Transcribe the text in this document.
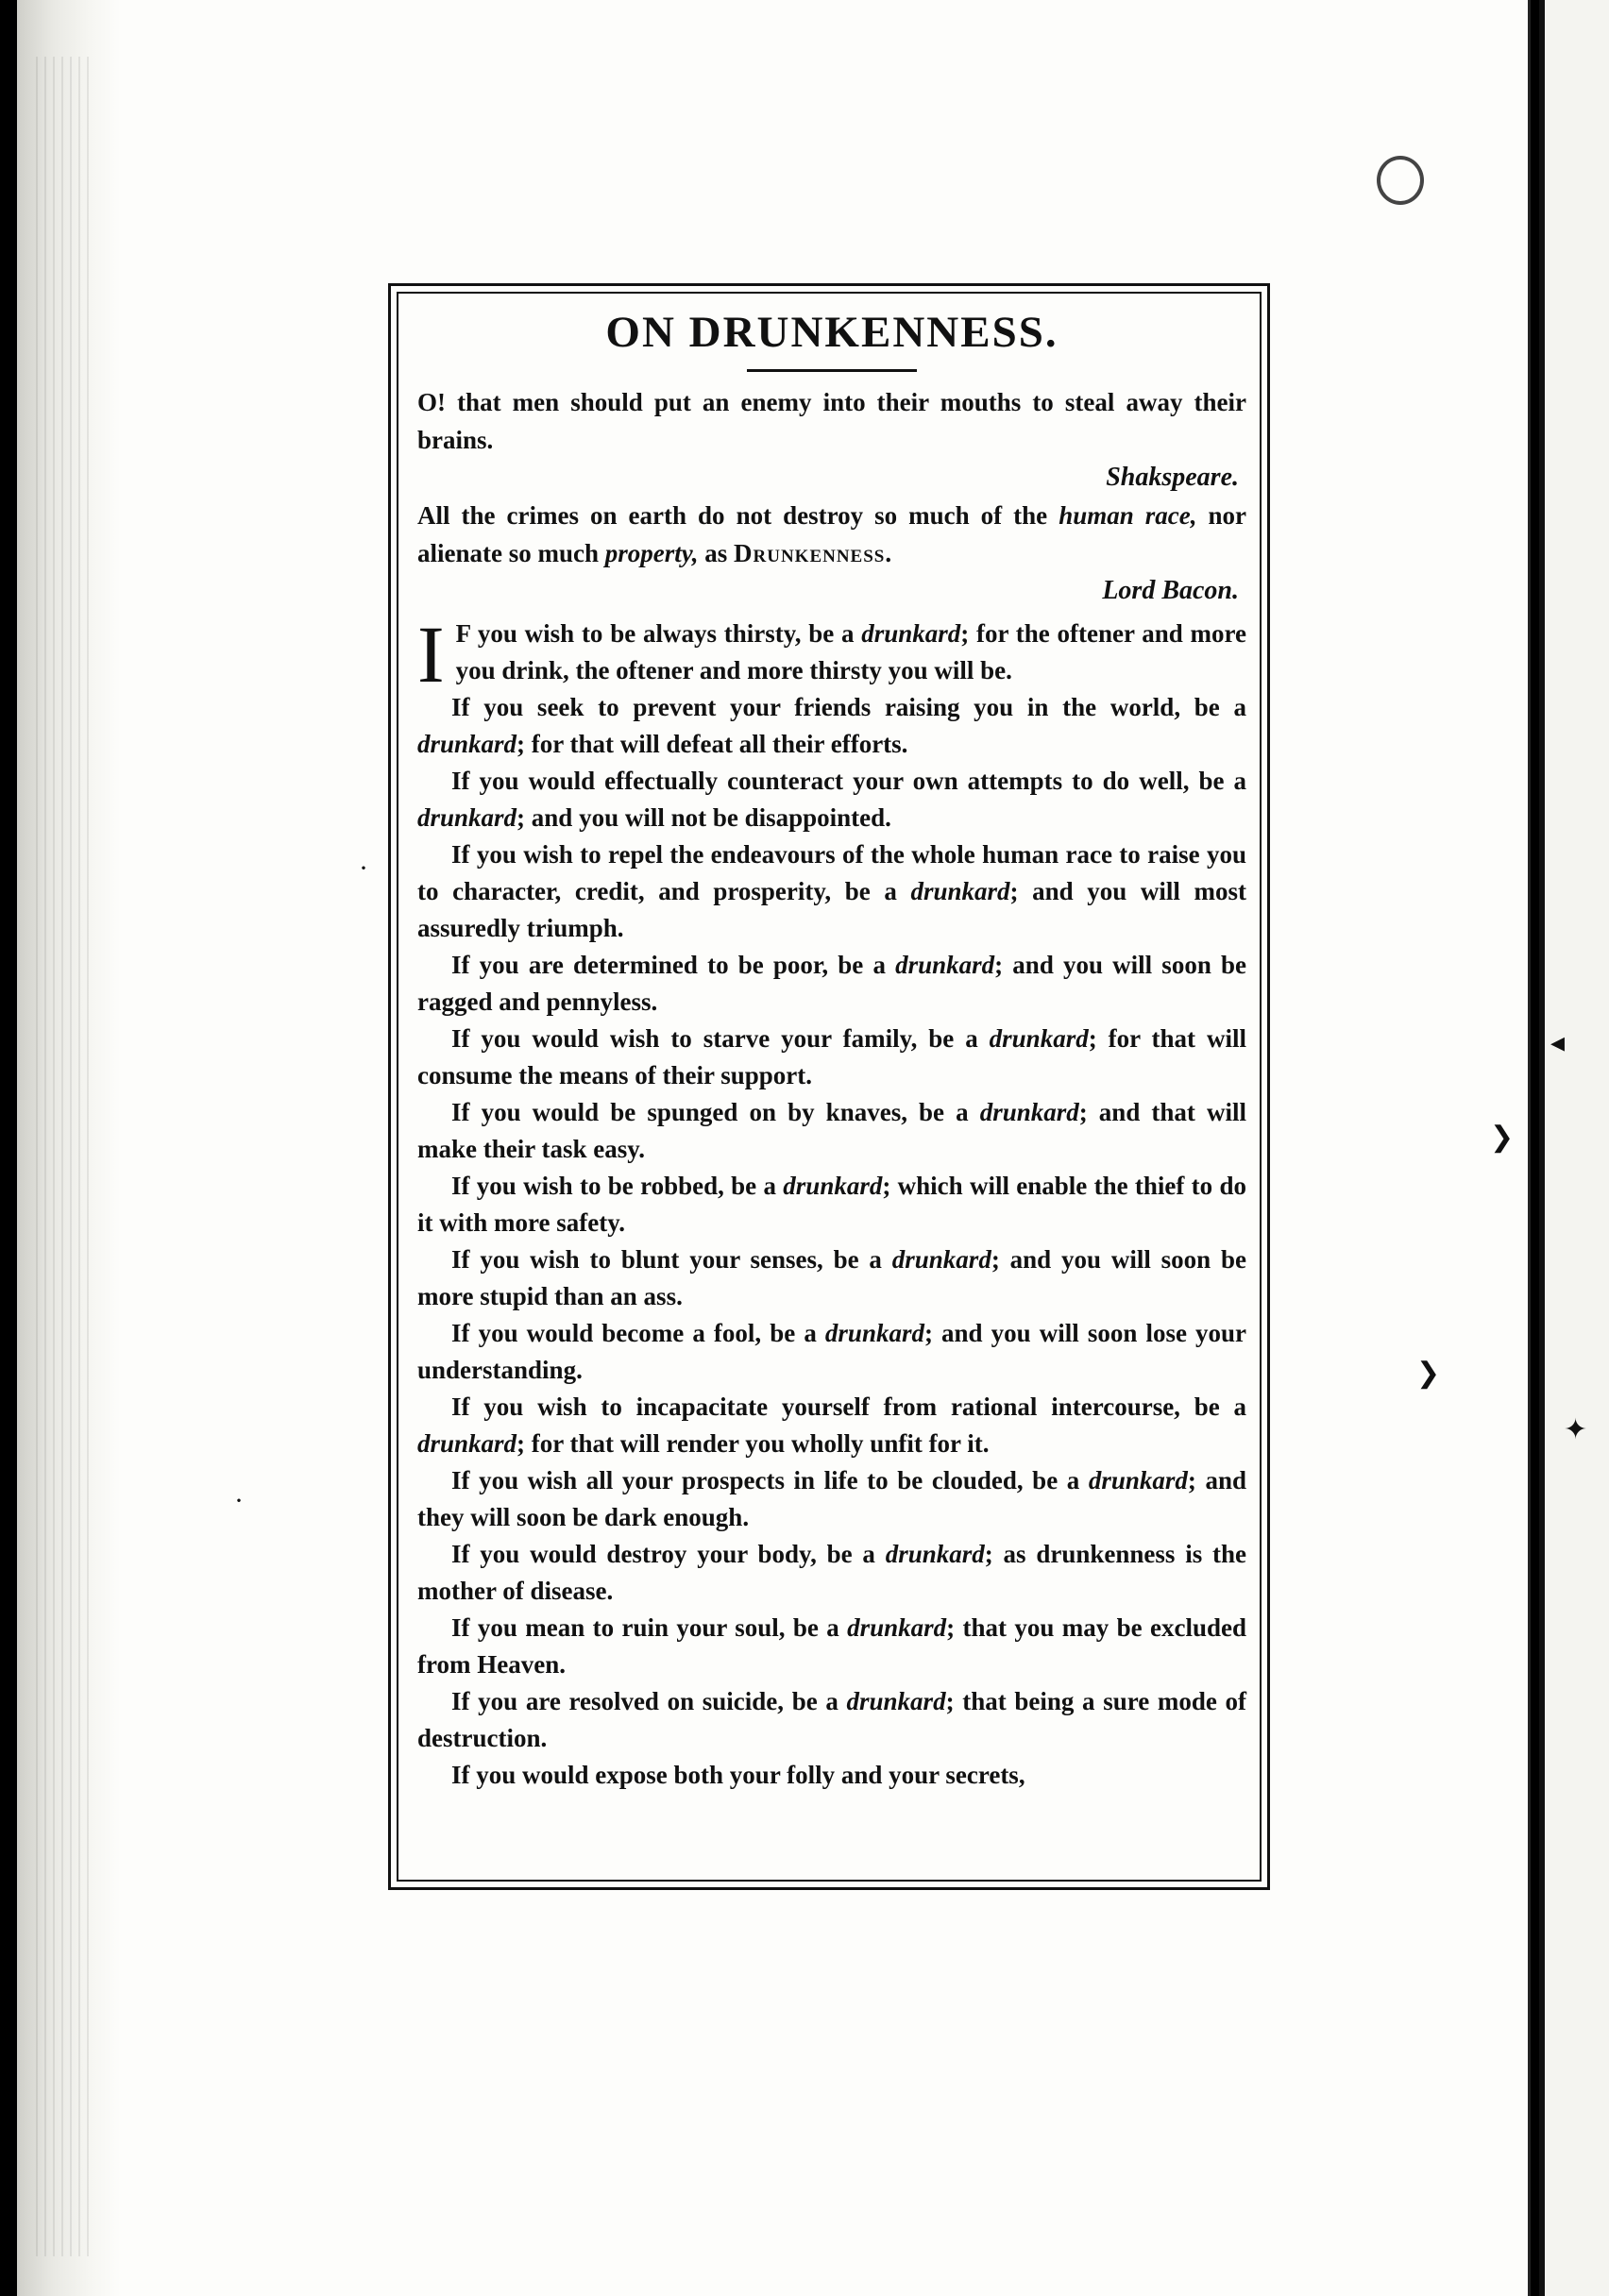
❯
·
·
❯
ON DRUNKENNESS.

O! that men should put an enemy into their mouths to steal away their brains.

Shakspeare.

All the crimes on earth do not destroy so much of the human race, nor alienate so much property, as Drunkenness.

Lord Bacon.

I F you wish to be always thirsty, be a drunkard; for the oftener and more you drink, the oftener and more thirsty you will be.

If you seek to prevent your friends raising you in the world, be a drunkard; for that will defeat all their efforts.

If you would effectually counteract your own attempts to do well, be a drunkard; and you will not be disappointed.

If you wish to repel the endeavours of the whole human race to raise you to character, credit, and prosperity, be a drunkard; and you will most assuredly triumph.

If you are determined to be poor, be a drunkard; and you will soon be ragged and pennyless.

If you would wish to starve your family, be a drunkard; for that will consume the means of their support.

If you would be spunged on by knaves, be a drunkard; and that will make their task easy.

If you wish to be robbed, be a drunkard; which will enable the thief to do it with more safety.

If you wish to blunt your senses, be a drunkard; and you will soon be more stupid than an ass.

If you would become a fool, be a drunkard; and you will soon lose your understanding.

If you wish to incapacitate yourself from rational intercourse, be a drunkard; for that will render you wholly unfit for it.

If you wish all your prospects in life to be clouded, be a drunkard; and they will soon be dark enough.

If you would destroy your body, be a drunkard; as drunkenness is the mother of disease.

If you mean to ruin your soul, be a drunkard; that you may be excluded from Heaven.

If you are resolved on suicide, be a drunkard; that being a sure mode of destruction.

If you would expose both your folly and your secrets,

◂
✦
